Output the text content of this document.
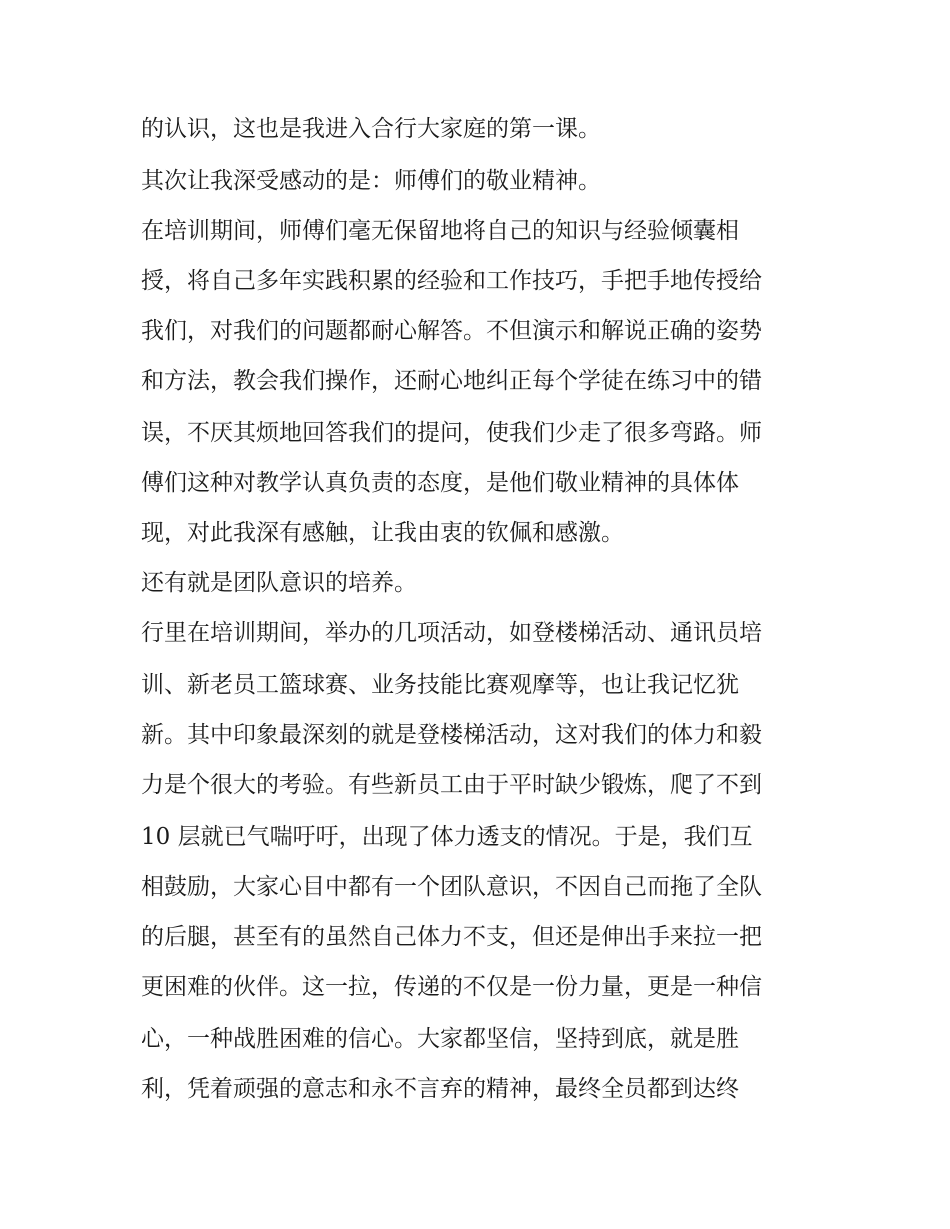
的认识，这也是我进入合行大家庭的第一课。

其次让我深受感动的是：师傅们的敬业精神。

在培训期间，师傅们毫无保留地将自己的知识与经验倾囊相

授，将自己多年实践积累的经验和工作技巧，手把手地传授给

我们，对我们的问题都耐心解答。不但演示和解说正确的姿势

和方法，教会我们操作，还耐心地纠正每个学徒在练习中的错

误，不厌其烦地回答我们的提问，使我们少走了很多弯路。师

傅们这种对教学认真负责的态度，是他们敬业精神的具体体

现，对此我深有感触，让我由衷的钦佩和感激。

还有就是团队意识的培养。

行里在培训期间，举办的几项活动，如登楼梯活动、通讯员培

训、新老员工篮球赛、业务技能比赛观摩等，也让我记忆犹

新。其中印象最深刻的就是登楼梯活动，这对我们的体力和毅

力是个很大的考验。有些新员工由于平时缺少锻炼，爬了不到

10 层就已气喘吁吁，出现了体力透支的情况。于是，我们互

相鼓励，大家心目中都有一个团队意识，不因自己而拖了全队

的后腿，甚至有的虽然自己体力不支，但还是伸出手来拉一把

更困难的伙伴。这一拉，传递的不仅是一份力量，更是一种信

心，一种战胜困难的信心。大家都坚信，坚持到底，就是胜

利，凭着顽强的意志和永不言弃的精神，最终全员都到达终
